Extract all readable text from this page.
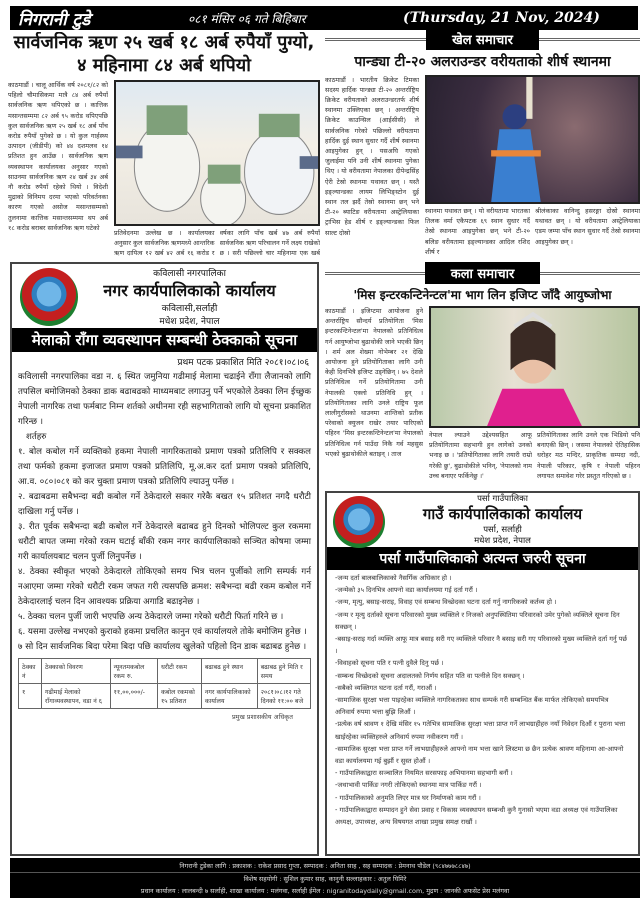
निगरानी टुडे	०८१ मंसिर ०६ गते बिहिबार	(Thursday, 21 Nov, 2024)
सार्वजनिक ऋण २५ खर्ब १८ अर्ब रुपैयाँ पुग्यो,
४ महिनामा ८४ अर्ब थपियो
काठमाडौं । चालू आर्थिक वर्ष २०८१/८२ को पहिलो चौमासिकमा मात्रै ८४ अर्ब रुपैयाँ सार्वजनिक ऋण थपिएको छ । कात्तिक मसान्तसम्ममा ८२ अर्ब ९५ करोड थपिएपछि कुल सार्वजनिक ऋण २५ खर्ब १८ अर्ब पाँच करोड रुपैयाँ पुगेको छ । यो कुल गार्हस्थ्य उत्पादन (जीडीपी) को ४४ दशमलव १४ प्रतिशत हुन आउँछ । सार्वजनिक ऋण व्यवस्थापन कार्यालयका अनुसार गएको साउनमा सार्वजनिक ऋण २४ खर्ब ३४ अर्ब नौ करोड रुपैयाँ रहेको थियो । विदेशी मुद्राको विनिमय दरमा भएको परिवर्तनका कारण गएको असोज मसान्तसम्मको तुलनामा कात्तिक मसान्तसम्ममा थप अर्ब १८ करोड बराबर सार्वजनिक ऋण घटेको
प्रतिवेदनमा उल्लेख छ । कार्यालयका अनुसार कुल सार्वजनिक ऋणमध्ये आन्तरिक ऋण दायित्व १२ खर्ब ४२ अर्ब १६ करोड र
वर्षका लागि पाँच खर्ब ४७ अर्ब रुपैयाँ सार्वजनिक ऋण परिचालन गर्ने लक्ष्य राखेको छ । सरी पछिल्लो चार महिनामा एक खर्ब
कविलासी नगरपालिका
नगर कार्यपालिकाको कार्यालय
कविलासी,सर्लाही
मधेश प्रदेश, नेपाल
मेलाको राँगा व्यवस्थापन सम्बन्धी ठेक्काको सूचना
प्रथम पटक प्रकाशित मिति २०८१।०८।०६
कविलासी नगरपालिका वडा न. ६ स्थित जमुनिया गढीमाई मेलामा चढाईने राँगा लैजानको लागि तपसिल बमोजिमको ठेक्का डाक बढाबढको माध्यमबाट लगाउनु पर्ने भएकोले ठेक्का लिन ईच्छुक नेपाली नागरिक तथा फर्मबाट निम्न शर्तको अधीनमा रही सहभागिताको लागि यो सूचना प्रकाशित गरिन्छ ।
शर्तहरु
१. बोल कबोल गर्ने व्यक्तिको हकमा नेपाली नागरिकताको प्रमाण पत्रको प्रतिलिपि र सक्कल तथा फर्मको हकमा इजाजत प्रमाण पत्रको प्रतिलिपि, मू.अ.कर दर्ता प्रमाण पत्रको प्रतिलिपि, आ.व. ०८०।०८१ को कर चुक्ता प्रमाण पत्रको प्रतिलिपि ल्याउनु पर्नेछ ।
२. बढाबढमा सबैभन्दा बढी कबोल गर्ने ठेकेदारले सकार गरेकै बखत १५ प्रतिशत नगदै धरौटी दाखिला गर्नु पर्नेछ ।
३. रीत पूर्वक सबैभन्दा बढी कबोल गर्ने ठेकेदारले बढाबढ हुने दिनको भोलिपल्ट कुल रकममा धरौटी बापत जम्मा गरेको रकम घटाई बाँकी रकम नगर कार्यपालिकाको सञ्चित कोषमा जम्मा गरी कार्यालयबाट चलन पुर्जी लिनुपर्नेछ ।
४. ठेक्का स्वीकृत भएको ठेकेदारले तोकिएको समय भित्र चलन पुर्जीको लागि सम्पर्क गर्न नआएमा जम्मा गरेको धरौटी रकम जफत गरी त्यसपछि क्रमश: सबैभन्दा बढी रकम कबोल गर्ने ठेकेदारलाई चलन दिन आवश्यक प्रक्रिया अगाडि बढाइनेछ ।
५. ठेक्का चलन पुर्जी जारी भएपछि अन्य ठेकेदारले जम्मा गरेको धरौटी फिर्ता गरिने छ ।
६. यसमा उल्लेख नभएको कुराको हकमा प्रचलित कानुन एवं कार्यालयले तोके बमोजिम हुनेछ ।
७ सो दिन सार्वजनिक बिदा परेमा बिदा पछि कार्यालय खुलेको पहिलो दिन डाक बढाबढ हुनेछ ।
ठेक्का नं	ठेक्काको विवरण	न्यूनतमकबोल रकम रु.	धरौटी रकम	बढाबढ हुने स्थान	बढाबढ हुने मिति र समय
१	गढीमाई मेलाको राँगाव्यवस्थापन, वडा नं ६	११,००,०००/-	कबोल रकमको १५ प्रतिशत	नगर कार्यपालिकाको कार्यालय	२०८१।०८।१२ गते दिनको ११:०० बजे
प्रमुख प्रशासकीय अधिकृत
खेल समाचार
पान्ड्या टी-२० अलराउन्डर वरीयताको शीर्ष स्थानमा
काठमाडौं । भारतीय क्रिकेट टिमका सदस्य हार्दिक पान्ड्या टी-२० अन्तर्राष्ट्रिय क्रिकेट वरीयताको अलराउन्डरतर्फ शीर्ष स्थानमा उक्लिएका छन् । अन्तर्राष्ट्रिय क्रिकेट काउन्सिल (आईसीसी) ले सार्वजनिक गरेको पछिल्लो वरीयतामा हार्दिक दुई स्थान सुधार गर्दै शीर्ष स्थानमा आइपुगेका हुन् । यसअघि गएको जुलाईमा पनि उनी शीर्ष स्थानमा पुगेका थिए । यो वरीयतामा नेपालका दीपेन्द्रसिंह ऐरी टेस्रो स्थानमा यथावत छन् । यस्तै इङ्ल्यान्डका लायम लिभिङ्स्टोन दुई स्थान तल झर्दै तेस्रो स्थानमा छन् भने टी-२० ब्याटिङ वरीयतामा अस्ट्रेलियाका ट्राभिस हेड शीर्ष र इङ्ल्यान्डका फिल साल्ट दोस्रो
स्थानमा यथावत छन् । यो वरीयतामा भारतका तिलक वर्मा एकैपटक ६९ स्थान सुधार गर्दै तेस्रो स्थानमा आइपुगेका छन् भने टी-२० बलिङ वरीयतामा इङ्ल्यान्डका आदिल रशिद शीर्ष र
श्रीलंकाका वानिन्दु हसरङ्गा दोस्रो स्थानमा यथावत छन् । यो वरीयतामा अस्ट्रेलियाका एडम जम्पा पाँच स्थान सुधार गर्दै तेस्रो स्थानमा आइपुगेका छन् ।
कला समाचार
'मिस इन्टरकन्टिनेन्टल'मा भाग लिन इजिप्ट जाँदै आयुष्जोभा
काठमाडौं । इजिप्टमा आयोजना हुने अन्तर्राष्ट्रिय सौन्दर्य प्रतियोगिता 'मिस इन्टरकन्टिनेन्टल'मा नेपालको प्रतिनिधित्व गर्न आयुष्जोभा बुढाथोकी जाने भएकी छिन् । शर्म अल शेख्मा नोभेम्बर २१ देखि आयोजना हुने प्रतियोगिताका लागि उनी केही दिनभित्रै इजिप्ट उड्नेछिन् । ७५ देशले प्रतिनिधित्व गर्ने प्रतियोगितामा उनी नेपालकी एक्लो प्रतिनिधि हुन् । प्रतियोगिताका लागि उनले राष्ट्रिय फूल लालीगुराँसको थाउनमा शान्तिको प्रतीक परेवाको क्युजन राखेर तयार पारिएको पहिरन 'मिस इन्टरकन्टिनेन्टल'मा नेपालको प्रतिनिधित्व गर्न पाउँदा निकै गर्व महसुस भएको बुढाथोकीले बताइन् । ताज
नेपाल ल्याउने उद्देश्यसहित आफू प्रतियोगितामा सहभागी हुन लागेको उनको भनाइ छ । 'प्रतियोगिताका लागि तयारी राम्रो गरेकी छु', बुढाथोकीले भनिन्, 'नेपालको नाम उच्च बनाएर फर्किनेछु ।'
प्रतियोगिताका लागि उनले एक भिडियो पनि बनाएकी छिन् । जसमा नेपालको ऐतिहासिक धरोहर मठ मन्दिर, प्राकृतिक सम्पदा नदी, नेपाली परिकार, कृषि र नेपाली पहिरन लगायत समावेश गरेर प्रस्तुत गरिएको छ ।
पर्सा गाउँपालिका
गाउँ कार्यपालिकाको कार्यालय
पर्सा, सर्लाही
मधेश प्रदेश, नेपाल
पर्सा गाउँपालिकाको अत्यन्त जरुरी सूचना
-जन्म दर्ता बालबालिकाको नैसर्गिक अधिकार हो ।
-जन्मेको ३५ दिनभित्र आफ्नो वडा कार्यालयमा गई दर्ता गरौं ।
-जन्म, मृत्यु, बसाइ-सराइ, विवाह एवं सम्बन्ध विच्छेदका घटना दर्ता गर्नु नागरिकको कर्तव्य हो ।
-जन्म र मृत्यु दर्ताको सूचना परिवारको मुख्य व्यक्तिले र निजको अनुपस्थितिमा परिवारको उमेर पुगेको व्यक्तिले सूचना दिन सक्छन् ।
-बसाइ-सराइ गर्दा व्यक्ति आफू मात्र बसाइ सरी गए व्यक्तिले परिवार नै बसाइ सरी गए परिवारको मुख्य व्यक्तिले दर्ता गर्नु पर्छ ।
-विवाहको सूचना पति र पत्नी दुवैले दिनु पर्छ ।
-सम्बन्ध विच्छेदको सूचना अदालतको निर्णय सहित पति वा पत्नीले दिन सक्छन् ।
-सबैको व्यक्तिगत घटना दर्ता गरौं, गराऔं ।
-सामाजिक सुरक्षा भत्ता पाइरहेका व्यक्तिले नागरिकताका साथ सम्पर्क गरी सम्बन्धित बैंक मार्फत तोकिएको समयभित्र अनिवार्य रुपमा भत्ता बुझि लिऔं ।
-प्रत्येक वर्ष श्रावण १ देखि मंसिर १५ गतेभित्र सामाजिक सुरक्षा भत्ता प्राप्त गर्ने लाभग्राहीहरु नयाँ निवेदन दिऔं र पुराना भत्ता खाईरहेका व्यक्तिहरुले अनिवार्य रुपमा नवीकरण गरौं ।
-सामाजिक सुरक्षा भत्ता प्राप्त गर्ने लाभग्राहीहरुले आफ्नो नाम भत्ता खाने लिस्टमा छ छैन प्रत्येक श्रावण महिनामा आ-आफ्नो वडा कार्यालयमा गई बुझौं र सुस्त होऔं ।
- गाउँपालिकाद्वारा सञ्चालित नियमित सरसफाइ अभियानमा सहभागी बनौं ।
-जथाभावी पार्किङ नगरी तोकिएको स्थानमा मात्र पार्किङ गरौं ।
- गाउँपालिकाको अनुमति लिएर मात्र घर निर्माणको काम गरौं ।
- गाउँपालिकाद्वारा सम्पादन हुने सेवा प्रवाह र विकास व्यवस्थापन सम्बन्धी कुनै गुनासो भएमा वडा अध्यक्ष एवं गाउँपालिका अध्यक्ष, उपाध्यक्ष, अन्य विषयगत शाखा प्रमुख समक्ष राखौं ।
निगरानी टुडेका लागि : प्रकाशक : राकेश प्रसाद गुप्ता, सम्पादक : अनिता साह , सह सम्पादक : प्रेमनाथ पौडेल (९८४७७७८८४७)
विशेष सहयोगी : सुशिल कुमार साह, कानुनी सल्लाहकार : अतुल घिमिरे
प्रधान कार्यालय : लालबन्दी ७ सर्लाही, शाखा कार्यालय : मलंगवा, सर्लाही ईमेल : nigranitodaydaily@gmail.com, मुद्रण : जानकी अफसेट प्रेस मलंगवा
